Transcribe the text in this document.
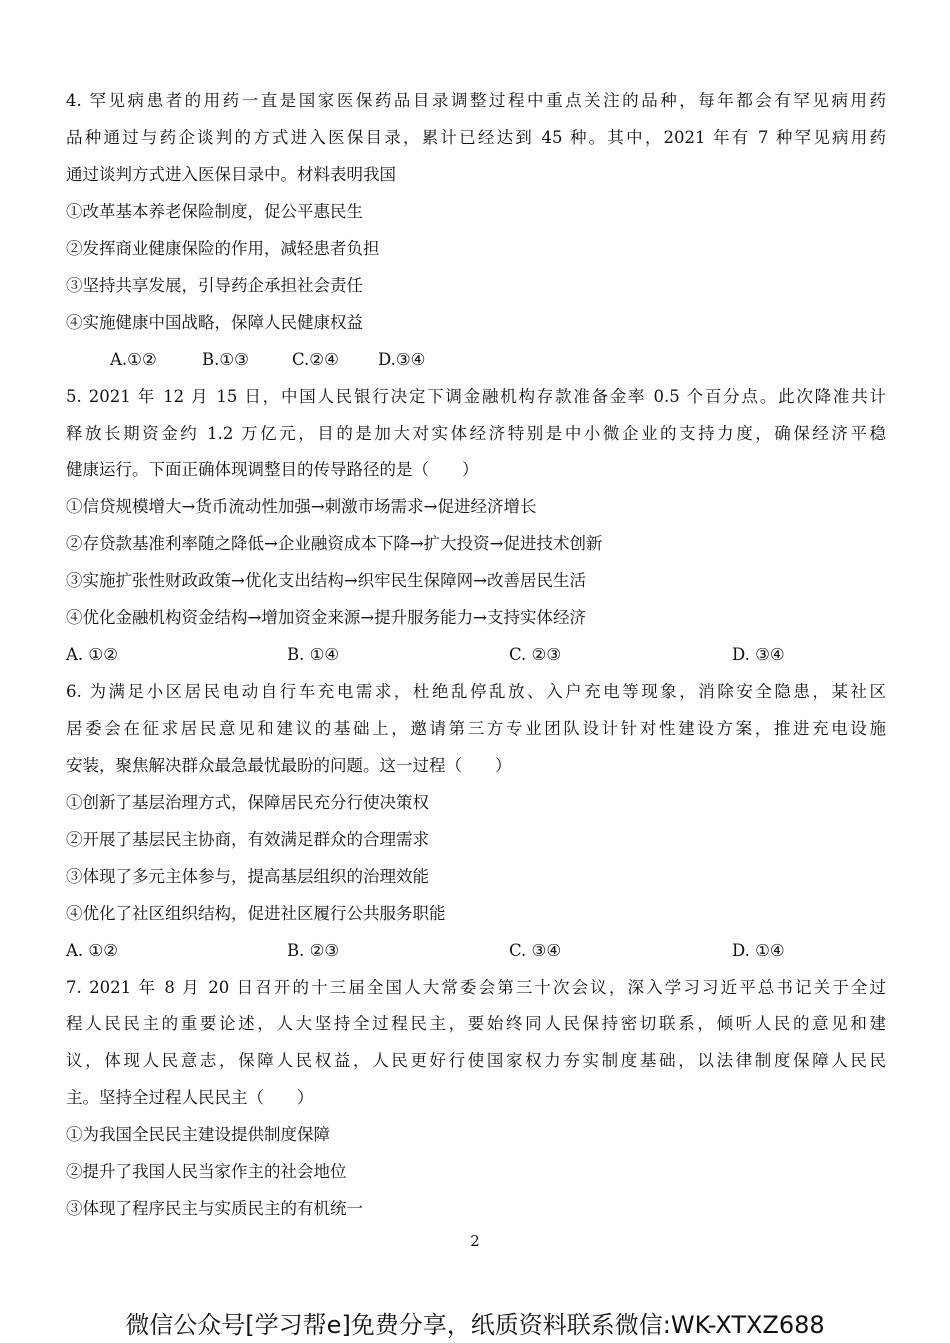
4. 罕见病患者的用药一直是国家医保药品目录调整过程中重点关注的品种，每年都会有罕见病用药
品种通过与药企谈判的方式进入医保目录，累计已经达到 45 种。其中，2021 年有 7 种罕见病用药
通过谈判方式进入医保目录中。材料表明我国
①改革基本养老保险制度，促公平惠民生
②发挥商业健康保险的作用，减轻患者负担
③坚持共享发展，引导药企承担社会责任
④实施健康中国战略，保障人民健康权益
A.①②	B.①③	C.②④ D.③④
5. 2021 年 12 月 15 日，中国人民银行决定下调金融机构存款准备金率 0.5 个百分点。此次降准共计
释放长期资金约 1.2 万亿元，目的是加大对实体经济特别是中小微企业的支持力度，确保经济平稳
健康运行。下面正确体现调整目的传导路径的是（　　）
①信贷规模增大→货币流动性加强→刺激市场需求→促进经济增长
②存贷款基准利率随之降低→企业融资成本下降→扩大投资→促进技术创新
③实施扩张性财政政策→优化支出结构→织牢民生保障网→改善居民生活
④优化金融机构资金结构→增加资金来源→提升服务能力→支持实体经济
A. ①②	B. ①④	C. ②③	D. ③④
6. 为满足小区居民电动自行车充电需求，杜绝乱停乱放、入户充电等现象，消除安全隐患，某社区
居委会在征求居民意见和建议的基础上，邀请第三方专业团队设计针对性建设方案，推进充电设施
安装，聚焦解决群众最急最忧最盼的问题。这一过程（　　）
①创新了基层治理方式，保障居民充分行使决策权
②开展了基层民主协商，有效满足群众的合理需求
③体现了多元主体参与，提高基层组织的治理效能
④优化了社区组织结构，促进社区履行公共服务职能
A. ①②	B. ②③	C. ③④	D. ①④
7. 2021 年 8 月 20 日召开的十三届全国人大常委会第三十次会议，深入学习习近平总书记关于全过
程人民民主的重要论述，人大坚持全过程民主，要始终同人民保持密切联系，倾听人民的意见和建
议，体现人民意志，保障人民权益，人民更好行使国家权力夯实制度基础，以法律制度保障人民民
主。坚持全过程人民民主（　　）
①为我国全民民主建设提供制度保障
②提升了我国人民当家作主的社会地位
③体现了程序民主与实质民主的有机统一
2
微信公众号[学习帮e]免费分享，纸质资料联系微信:WK-XTXZ688
